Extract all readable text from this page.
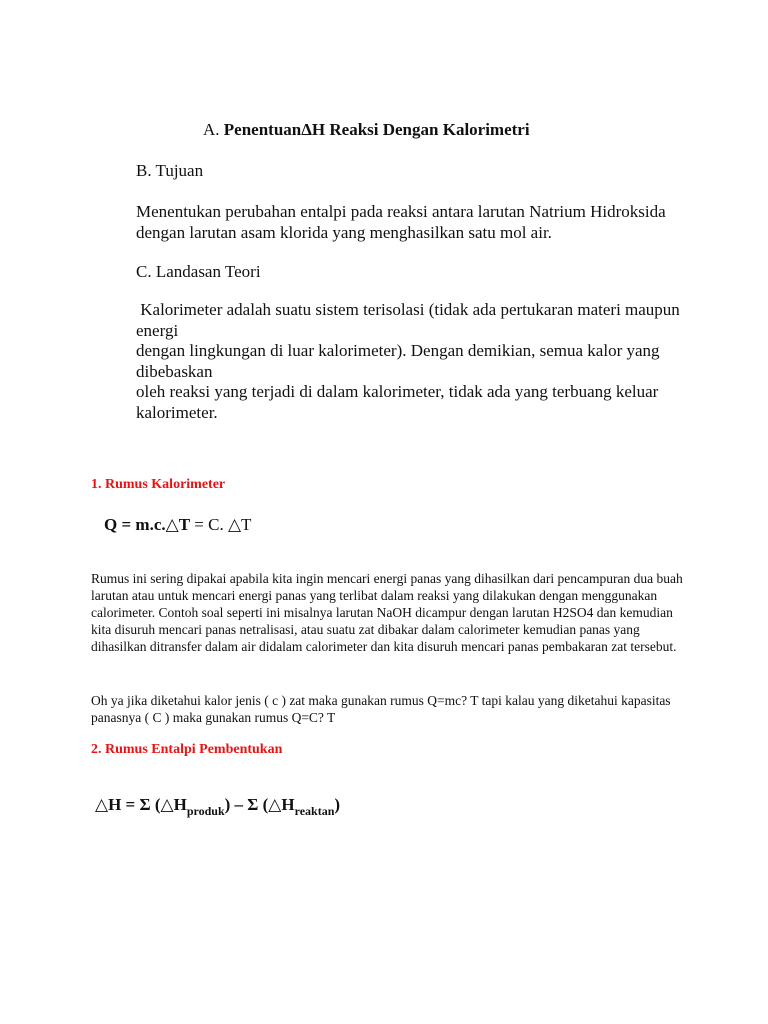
A. PenentuanΔH Reaksi Dengan Kalorimetri

B. Tujuan

Menentukan perubahan entalpi pada reaksi antara larutan Natrium Hidroksida dengan larutan asam klorida yang menghasilkan satu mol air.

C. Landasan Teori

Kalorimeter adalah suatu sistem terisolasi (tidak ada pertukaran materi maupun energi
dengan lingkungan di luar kalorimeter). Dengan demikian, semua kalor yang dibebaskan
oleh reaksi yang terjadi di dalam kalorimeter, tidak ada yang terbuang keluar kalorimeter.

1. Rumus Kalorimeter

Q = m.c.△T = C. △T

Rumus ini sering dipakai apabila kita ingin mencari energi panas yang dihasilkan dari pencampuran dua buah larutan atau untuk mencari energi panas yang terlibat dalam reaksi yang dilakukan dengan menggunakan calorimeter. Contoh soal seperti ini misalnya larutan NaOH dicampur dengan larutan H2SO4 dan kemudian kita disuruh mencari panas netralisasi, atau suatu zat dibakar dalam calorimeter kemudian panas yang dihasilkan ditransfer dalam air didalam calorimeter dan kita disuruh mencari panas pembakaran zat tersebut.

Oh ya jika diketahui kalor jenis ( c ) zat maka gunakan rumus Q=mc? T tapi kalau yang diketahui kapasitas panasnya ( C ) maka gunakan rumus Q=C? T

2. Rumus Entalpi Pembentukan

△H = Σ $(\triangle H_{produk})$ – Σ $(\triangle H_{reaktan})$
